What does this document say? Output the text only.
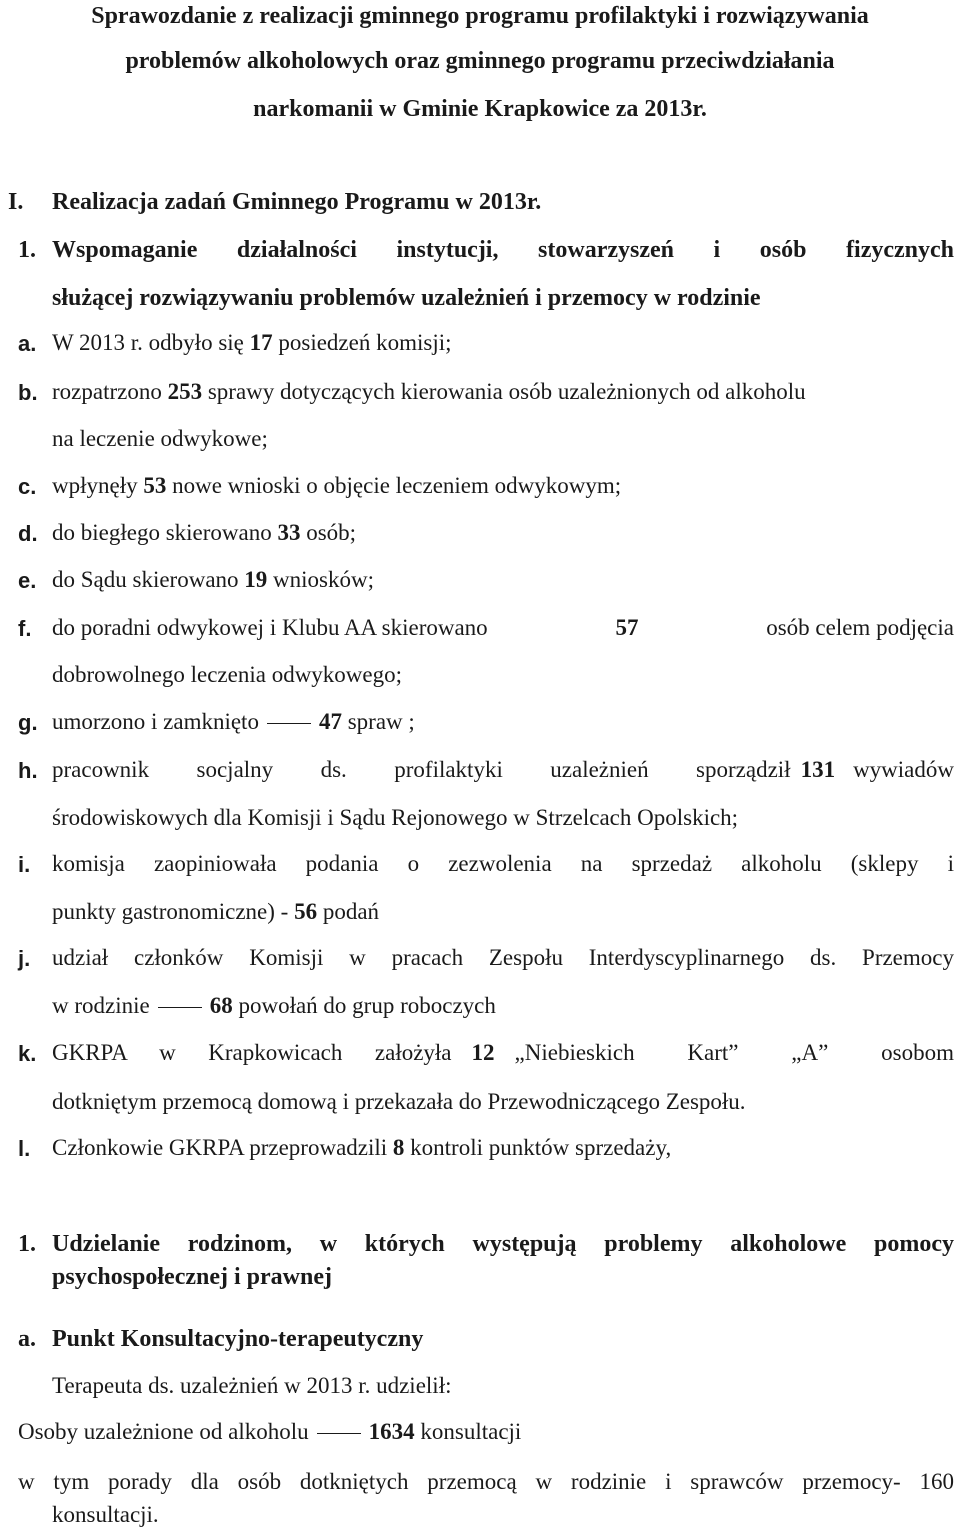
Sprawozdanie z realizacji gminnego programu profilaktyki i rozwiązywania
problemów alkoholowych oraz gminnego programu przeciwdziałania
narkomanii w Gminie Krapkowice za 2013r.
I. Realizacja zadań Gminnego Programu w 2013r.
1. Wspomaganie działalności instytucji, stowarzyszeń i osób fizycznych
służącej rozwiązywaniu problemów uzależnień i przemocy w rodzinie
a. W 2013 r. odbyło się 17 posiedzeń komisji;
b. rozpatrzono 253 sprawy dotyczących kierowania osób uzależnionych od alkoholu
na leczenie odwykowe;
c. wpłynęły 53 nowe wnioski o objęcie leczeniem odwykowym;
d. do biegłego skierowano 33 osób;
e. do Sądu skierowano 19 wniosków;
f. do poradni odwykowej i Klubu AA skierowano	57	osób celem podjęcia
dobrowolnego leczenia odwykowego;
g. umorzono i zamknięto	47 spraw ;
h. pracownik socjalny ds. profilaktyki uzależnień sporządził 131 wywiadów
środowiskowych dla Komisji i Sądu Rejonowego w Strzelcach Opolskich;
i. komisja zaopiniowała podania o zezwolenia na sprzedaż alkoholu (sklepy i
punkty gastronomiczne) - 56 podań
j. udział członków Komisji w pracach Zespołu Interdyscyplinarnego ds. Przemocy
w rodzinie	68 powołań do grup roboczych
k. GKRPA w Krapkowicach założyła 12 „Niebieskich Kart” „A” osobom
dotkniętym przemocą domową i przekazała do Przewodniczącego Zespołu.
l. Członkowie GKRPA przeprowadzili 8 kontroli punktów sprzedaży,
1. Udzielanie rodzinom, w których występują problemy alkoholowe pomocy
psychospołecznej i prawnej
a. Punkt Konsultacyjno-terapeutyczny
Terapeuta ds. uzależnień w 2013 r. udzielił:
Osoby uzależnione od alkoholu	1634 konsultacji
w tym porady dla osób dotkniętych przemocą w rodzinie i sprawców przemocy- 160
konsultacji.
